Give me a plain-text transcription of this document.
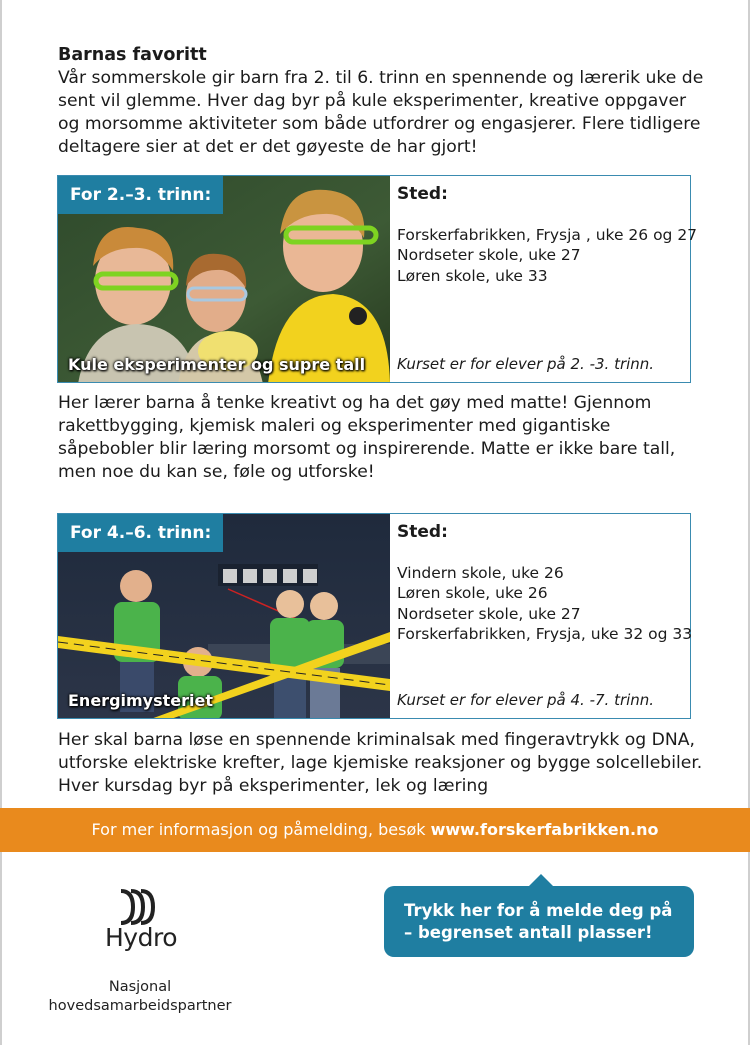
Barnas favoritt

Vår sommerskole gir barn fra 2. til 6. trinn en spennende og lærerik uke de sent vil glemme. Hver dag byr på kule eksperimenter, kreative oppgaver og morsomme aktiviteter som både utfordrer og engasjerer. Flere tidligere deltagere sier at det er det gøyeste de har gjort!

For 2.–3. trinn:
Kule eksperimenter og supre tall
Sted:
Forskerfabrikken, Frysja , uke 26 og 27
Nordseter skole, uke 27
Løren skole, uke 33
Kurset er for elever på 2. -3. trinn.

Her lærer barna å tenke kreativt og ha det gøy med matte! Gjennom rakettbygging, kjemisk maleri og eksperimenter med gigantiske såpebobler blir læring morsomt og inspirerende. Matte er ikke bare tall, men noe du kan se, føle og utforske!

For 4.–6. trinn:
Energimysteriet
Sted:
Vindern skole, uke 26
Løren skole, uke 26
Nordseter skole, uke 27
Forskerfabrikken, Frysja, uke 32 og 33
Kurset er for elever på 4. -7. trinn.

Her skal barna løse en spennende kriminalsak med fingeravtrykk og DNA, utforske elektriske krefter, lage kjemiske reaksjoner og bygge solcellebiler. Hver kursdag byr på eksperimenter, lek og læring

For mer informasjon og påmelding, besøk www.forskerfabrikken.no
Hydro
Nasjonal
hovedsamarbeidspartner
Trykk her for å melde deg på
– begrenset antall plasser!
